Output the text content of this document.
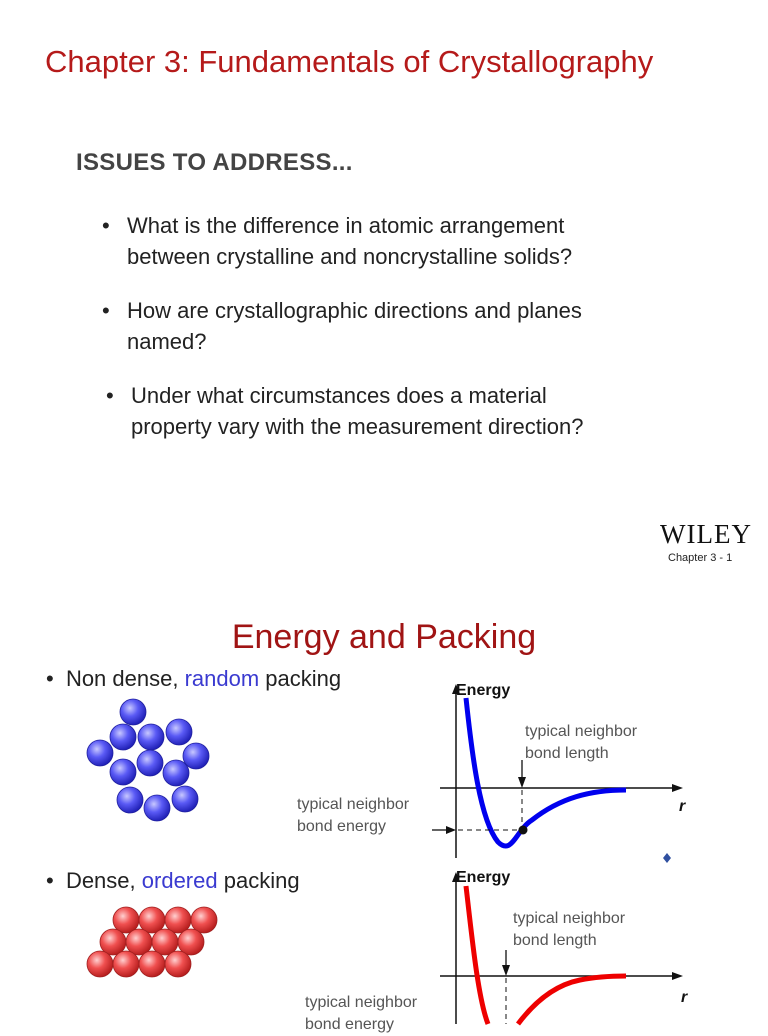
Chapter 3: Fundamentals of Crystallography
ISSUES TO ADDRESS...
• What is the difference in atomic arrangement
between crystalline and noncrystalline solids?
• How are crystallographic directions and planes
named?
• Under what circumstances does a material
property vary with the measurement direction?
WILEY
Chapter 3 - 1
Energy and Packing
• Non dense, random packing
• Dense, ordered packing
Energy
r
typical neighbor
bond length
typical neighbor
bond energy
Energy
r
typical neighbor
bond length
typical neighbor
bond energy
